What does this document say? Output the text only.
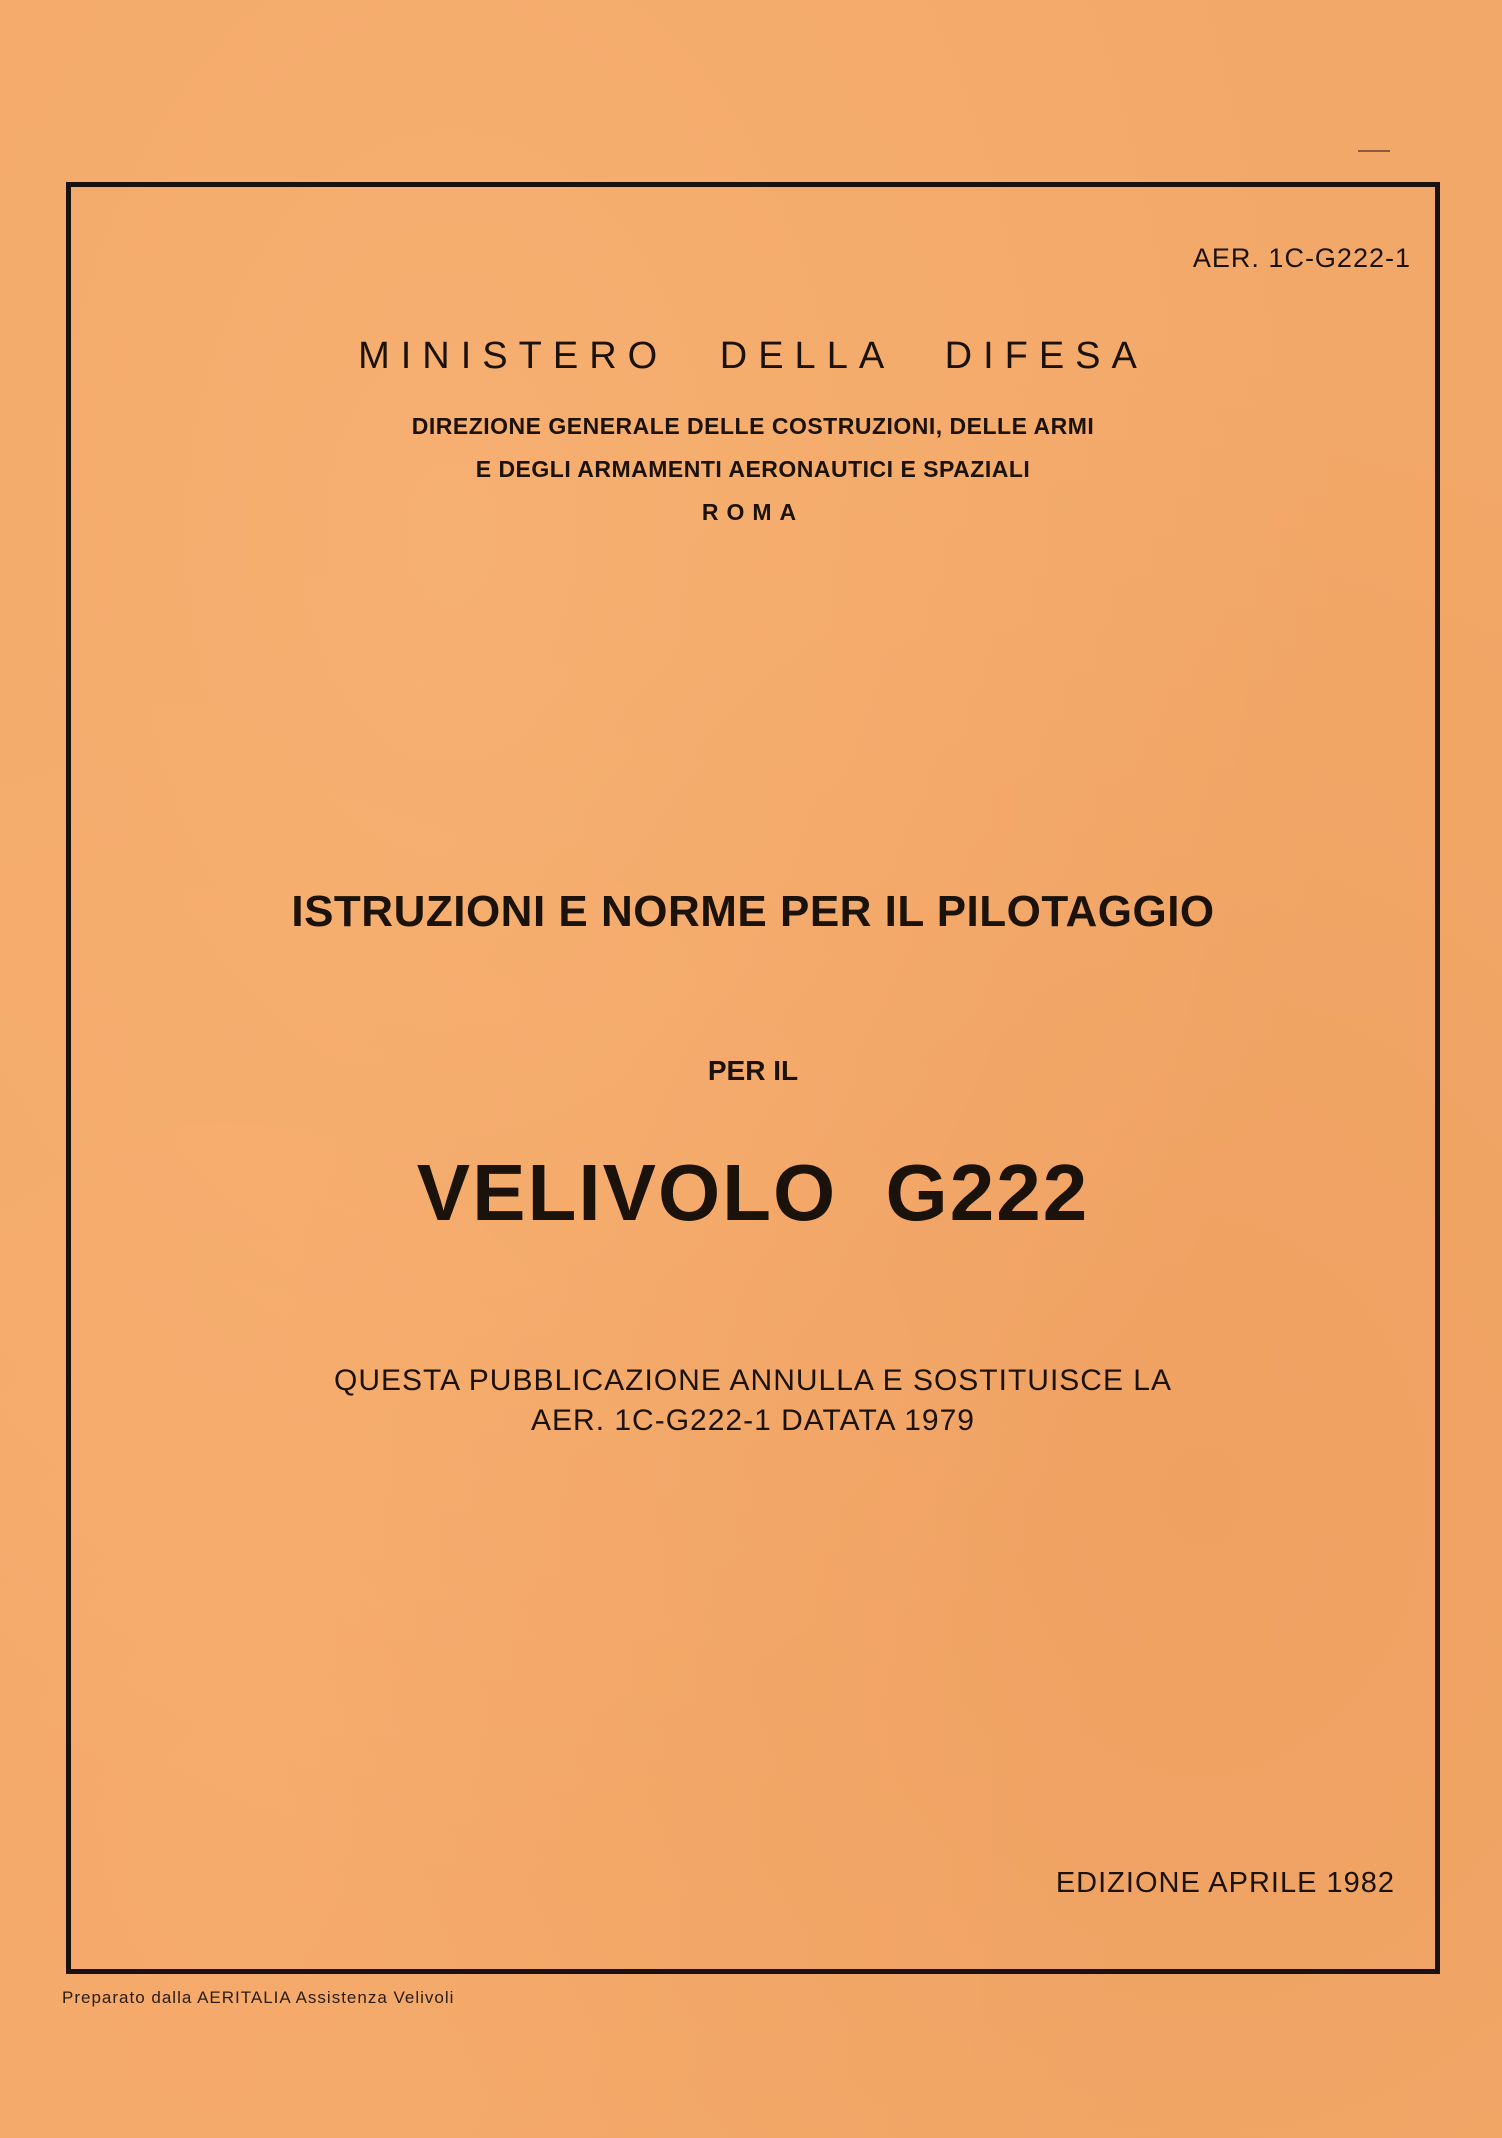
AER. 1C-G222-1
MINISTERO DELLA DIFESA
DIREZIONE GENERALE DELLE COSTRUZIONI, DELLE ARMI
E DEGLI ARMAMENTI AERONAUTICI E SPAZIALI
ROMA
ISTRUZIONI E NORME PER IL PILOTAGGIO
PER IL
VELIVOLO G222
QUESTA PUBBLICAZIONE ANNULLA E SOSTITUISCE LA
AER. 1C-G222-1 DATATA 1979
EDIZIONE APRILE 1982
Preparato dalla AERITALIA Assistenza Velivoli
